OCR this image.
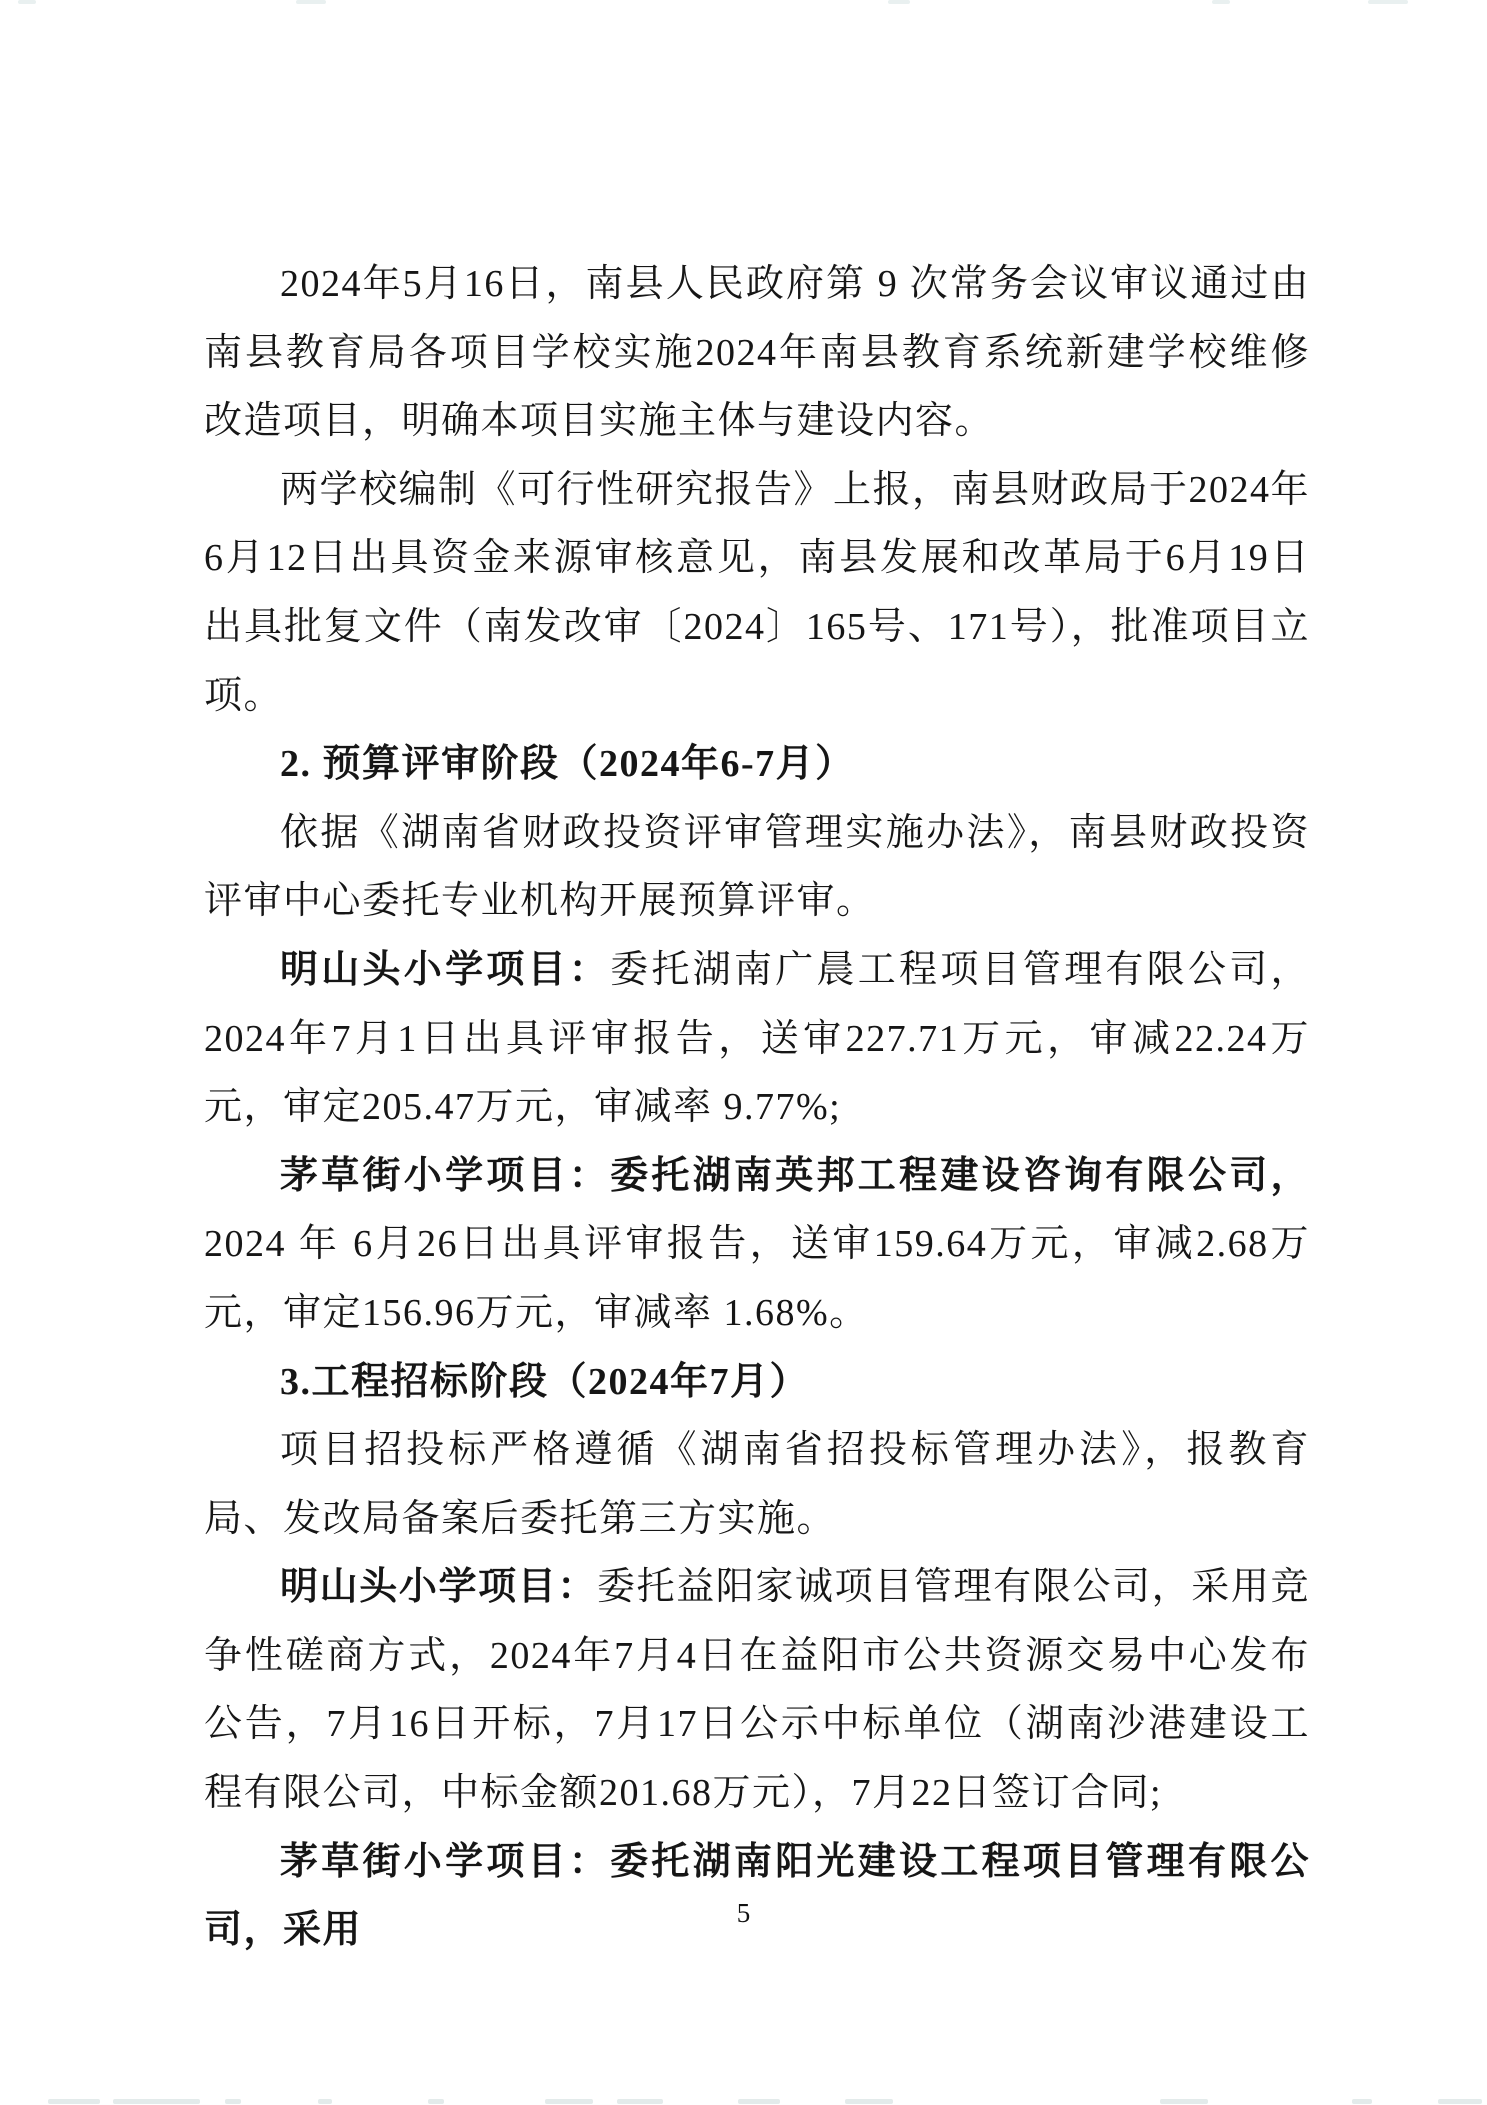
2024年5月16日，南县人民政府第 9 次常务会议审议通过由南县教育局各项目学校实施2024年南县教育系统新建学校维修改造项目，明确本项目实施主体与建设内容。

两学校编制《可行性研究报告》上报，南县财政局于2024年6月12日出具资金来源审核意见，南县发展和改革局于6月19日出具批复文件（南发改审〔2024〕165号、171号），批准项目立项。

2. 预算评审阶段（2024年6-7月）

依据《湖南省财政投资评审管理实施办法》，南县财政投资评审中心委托专业机构开展预算评审。

明山头小学项目：委托湖南广晨工程项目管理有限公司，2024年7月1日出具评审报告，送审227.71万元，审减22.24万元，审定205.47万元，审减率 9.77%;

茅草街小学项目：委托湖南英邦工程建设咨询有限公司，2024 年 6月26日出具评审报告，送审159.64万元，审减2.68万元，审定156.96万元，审减率 1.68%。

3.工程招标阶段（2024年7月）

项目招投标严格遵循《湖南省招投标管理办法》，报教育局、发改局备案后委托第三方实施。

明山头小学项目：委托益阳家诚项目管理有限公司，采用竞争性磋商方式，2024年7月4日在益阳市公共资源交易中心发布公告，7月16日开标，7月17日公示中标单位（湖南沙港建设工程有限公司，中标金额201.68万元），7月22日签订合同;

茅草街小学项目：委托湖南阳光建设工程项目管理有限公司，采用	5
